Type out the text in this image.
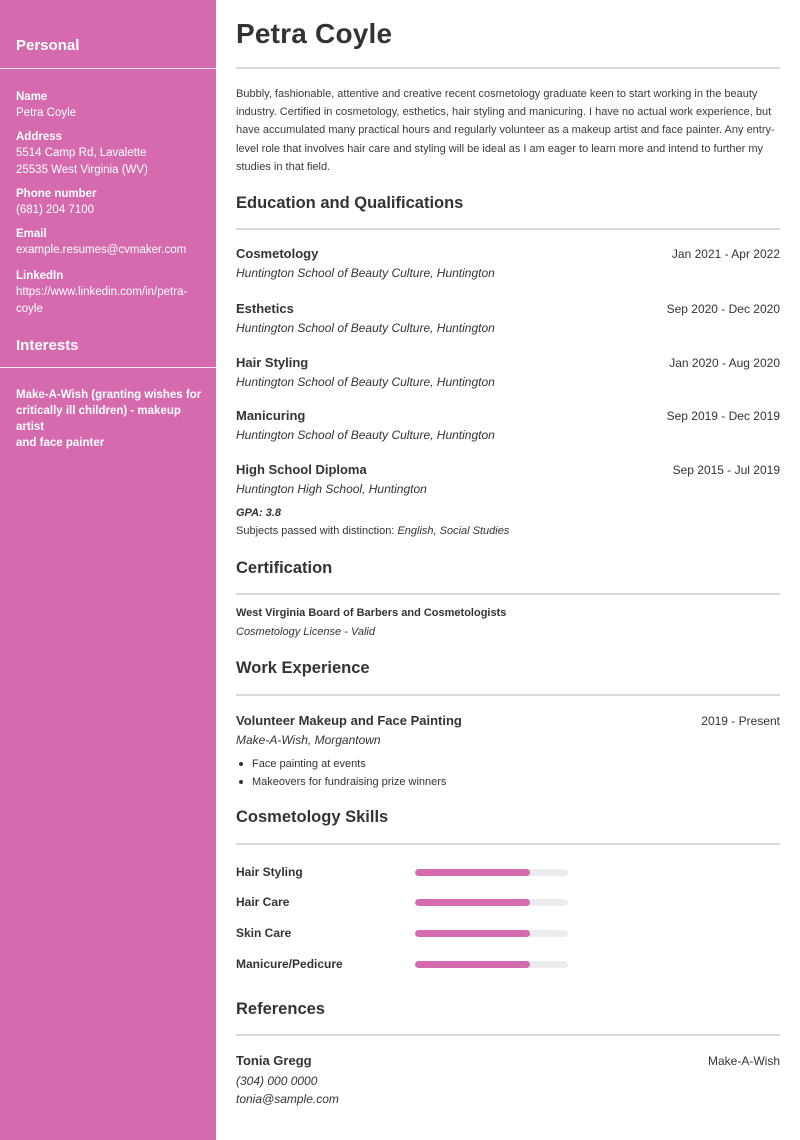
Personal
Name
Petra Coyle
Address
5514 Camp Rd, Lavalette
25535 West Virginia (WV)
Phone number
(681) 204 7100
Email
example.resumes@cvmaker.com
LinkedIn
https://www.linkedin.com/in/petra-
coyle
Interests
Make-A-Wish (granting wishes for
critically ill children) - makeup artist
and face painter
Petra Coyle
Bubbly, fashionable, attentive and creative recent cosmetology graduate keen to start working in the beauty industry. Certified in cosmetology, esthetics, hair styling and manicuring. I have no actual work experience, but have accumulated many practical hours and regularly volunteer as a makeup artist and face painter. Any entry-level role that involves hair care and styling will be ideal as I am eager to learn more and intend to further my studies in that field.
Education and Qualifications
Cosmetology	Jan 2021 - Apr 2022
Huntington School of Beauty Culture, Huntington
Esthetics	Sep 2020 - Dec 2020
Huntington School of Beauty Culture, Huntington
Hair Styling	Jan 2020 - Aug 2020
Huntington School of Beauty Culture, Huntington
Manicuring	Sep 2019 - Dec 2019
Huntington School of Beauty Culture, Huntington
High School Diploma	Sep 2015 - Jul 2019
Huntington High School, Huntington
GPA: 3.8
Subjects passed with distinction: English, Social Studies
Certification
West Virginia Board of Barbers and Cosmetologists
Cosmetology License - Valid
Work Experience
Volunteer Makeup and Face Painting	2019 - Present
Make-A-Wish, Morgantown
Face painting at events
Makeovers for fundraising prize winners
Cosmetology Skills
Hair Styling
Hair Care
Skin Care
Manicure/Pedicure
References
Tonia Gregg	Make-A-Wish
(304) 000 0000
tonia@sample.com
